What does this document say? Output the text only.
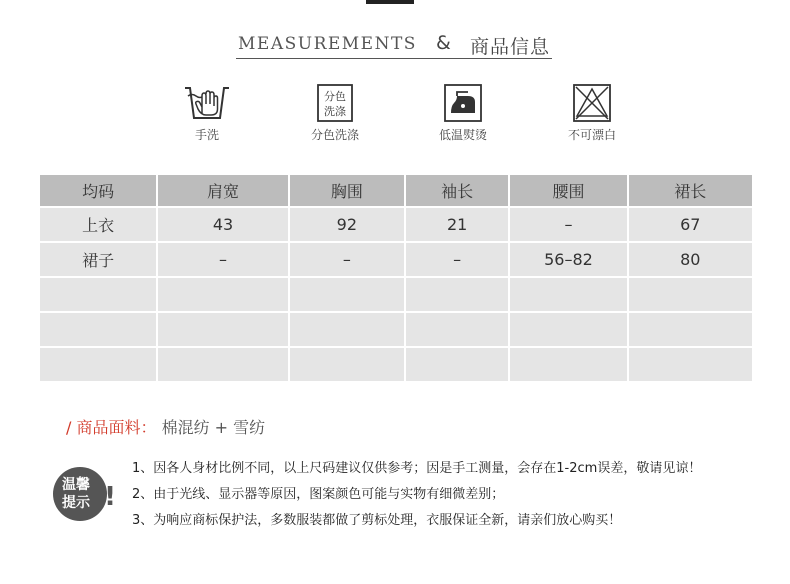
MEASUREMENTS & 商品信息
手洗
分色
洗涤
分色洗涤	低温熨烫	不可漂白
均码	肩宽	胸围	袖长	腰围	裙长
上衣	43	92	21	–	67
裙子	–	–	–	56–82	80

/ 商品面料： 棉混纺 + 雪纺
温馨
提示 !
1、因各人身材比例不同，以上尺码建议仅供参考；因是手工测量，会存在1-2cm误差，敬请见谅！
2、由于光线、显示器等原因，图案颜色可能与实物有细微差别；
3、为响应商标保护法，多数服装都做了剪标处理，衣服保证全新，请亲们放心购买！
